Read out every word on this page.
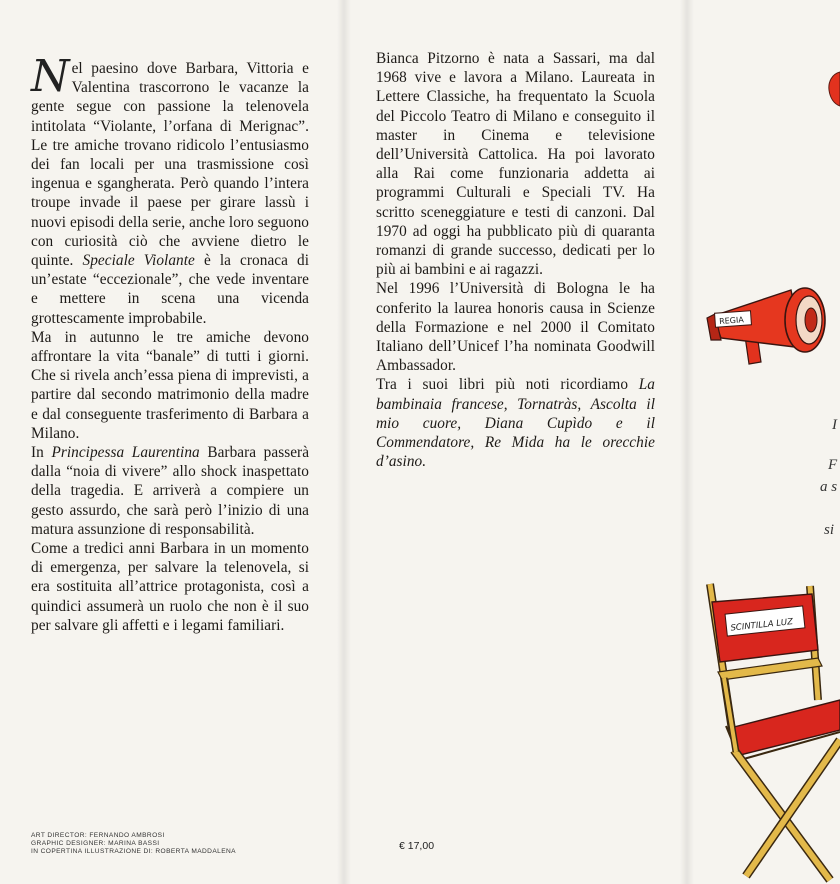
Nel paesino dove Barbara, Vittoria e Valentina trascorrono le vacanze la gente segue con passione la telenovela intitolata “Violante, l’orfana di Merignac”. Le tre amiche trovano ridicolo l’entusiasmo dei fan locali per una trasmissione così ingenua e sgangherata. Però quando l’intera troupe invade il paese per girare lassù i nuovi episodi della serie, anche loro seguono con curiosità ciò che avviene dietro le quinte. Speciale Violante è la cronaca di un’estate “eccezionale”, che vede inventare e mettere in scena una vicenda grottescamente improbabile.

Ma in autunno le tre amiche devono affrontare la vita “banale” di tutti i giorni. Che si rivela anch’essa piena di imprevisti, a partire dal secondo matrimonio della madre e dal conseguente trasferimento di Barbara a Milano.

In Principessa Laurentina Barbara passerà dalla “noia di vivere” allo shock inaspettato della tragedia. E arriverà a compiere un gesto assurdo, che sarà però l’inizio di una matura assunzione di responsabilità.

Come a tredici anni Barbara in un momento di emergenza, per salvare la telenovela, si era sostituita all’attrice protagonista, così a quindici assumerà un ruolo che non è il suo per salvare gli affetti e i legami familiari.

Bianca Pitzorno è nata a Sassari, ma dal 1968 vive e lavora a Milano. Laureata in Lettere Classiche, ha frequentato la Scuola del Piccolo Teatro di Milano e conseguito il master in Cinema e televisione dell’Università Cattolica. Ha poi lavorato alla Rai come funzionaria addetta ai programmi Culturali e Speciali TV. Ha scritto sceneggiature e testi di canzoni. Dal 1970 ad oggi ha pubblicato più di quaranta romanzi di grande successo, dedicati per lo più ai bambini e ai ragazzi.

Nel 1996 l’Università di Bologna le ha conferito la laurea honoris causa in Scienze della Formazione e nel 2000 il Comitato Italiano dell’Unicef l’ha nominata Goodwill Ambassador.

Tra i suoi libri più noti ricordiamo La bambinaia francese, Tornatràs, Ascolta il mio cuore, Diana Cupìdo e il Commendatore, Re Mida ha le orecchie d’asino.

ART DIRECTOR: FERNANDO AMBROSI
GRAPHIC DESIGNER: MARINA BASSI
IN COPERTINA ILLUSTRAZIONE DI: ROBERTA MADDALENA	€ 17,00
I
F
a s
si
REGIA
SCINTILLA LUZ
